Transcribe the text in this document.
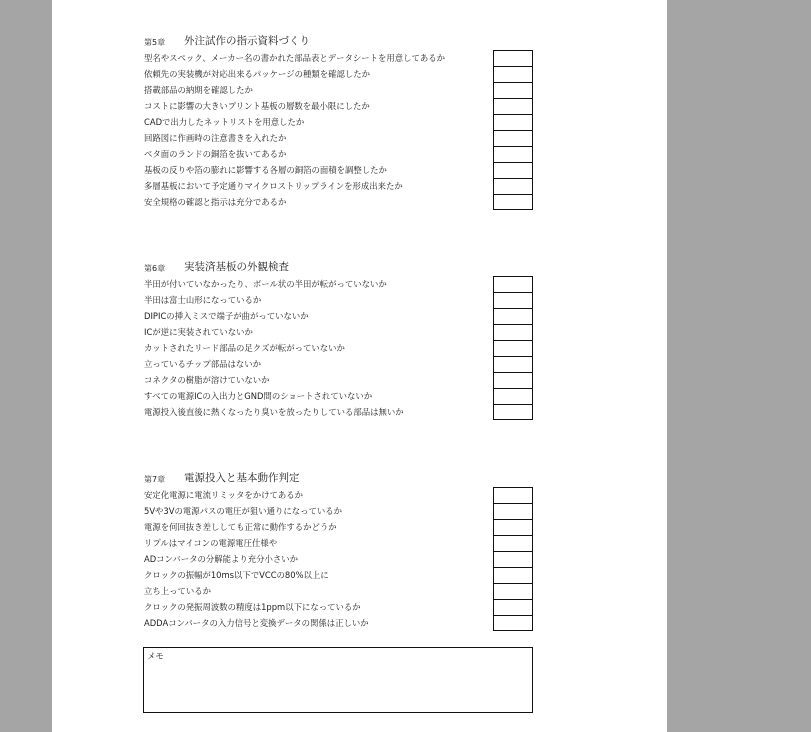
第5章	外注試作の指示資料づくり
型名やスペック、メーカー名の書かれた部品表とデータシートを用意してあるか
依頼先の実装機が対応出来るパッケージの種類を確認したか
搭載部品の納期を確認したか
コストに影響の大きいプリント基板の層数を最小限にしたか
CADで出力したネットリストを用意したか
回路図に作画時の注意書きを入れたか
ベタ面のランドの銅箔を抜いてあるか
基板の反りや箔の膨れに影響する各層の銅箔の面積を調整したか
多層基板において予定通りマイクロストリップラインを形成出来たか
安全規格の確認と指示は充分であるか
第6章	実装済基板の外観検査
半田が付いていなかったり、ボール状の半田が転がっていないか
半田は富士山形になっているか
DIPICの挿入ミスで端子が曲がっていないか
ICが逆に実装されていないか
カットされたリード部品の足クズが転がっていないか
立っているチップ部品はないか
コネクタの樹脂が溶けていないか
すべての電源ICの入出力とGND間のショートされていないか
電源投入後直後に熱くなったり臭いを放ったりしている部品は無いか
第7章	電源投入と基本動作判定
安定化電源に電流リミッタをかけてあるか
5Vや3Vの電源パスの電圧が狙い通りになっているか
電源を何回抜き差ししても正常に動作するかどうか
リプルはマイコンの電源電圧仕様や
ADコンバータの分解能より充分小さいか
クロックの振幅が10ms以下でVCCの80%以上に
立ち上っているか
クロックの発振周波数の精度は1ppm以下になっているか
ADDAコンバータの入力信号と変換データの関係は正しいか
メモ
